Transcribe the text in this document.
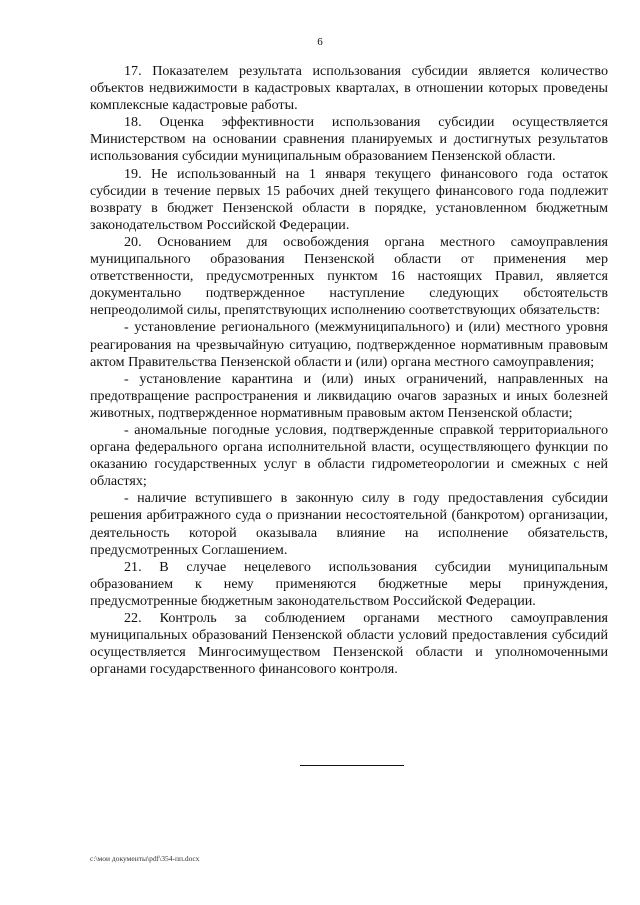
6

17. Показателем результата использования субсидии является количество объектов недвижимости в кадастровых кварталах, в отношении которых проведены комплексные кадастровые работы.

18. Оценка эффективности использования субсидии осуществляется Министерством на основании сравнения планируемых и достигнутых результатов использования субсидии муниципальным образованием Пензенской области.

19. Не использованный на 1 января текущего финансового года остаток субсидии в течение первых 15 рабочих дней текущего финансового года подлежит возврату в бюджет Пензенской области в порядке, установленном бюджетным законодательством Российской Федерации.

20. Основанием для освобождения органа местного самоуправления муниципального образования Пензенской области от применения мер ответственности, предусмотренных пунктом 16 настоящих Правил, является документально подтвержденное наступление следующих обстоятельств непреодолимой силы, препятствующих исполнению соответствующих обязательств:

- установление регионального (межмуниципального) и (или) местного уровня реагирования на чрезвычайную ситуацию, подтвержденное нормативным правовым актом Правительства Пензенской области и (или) органа местного самоуправления;

- установление карантина и (или) иных ограничений, направленных на предотвращение распространения и ликвидацию очагов заразных и иных болезней животных, подтвержденное нормативным правовым актом Пензенской области;

- аномальные погодные условия, подтвержденные справкой территориального органа федерального органа исполнительной власти, осуществляющего функции по оказанию государственных услуг в области гидрометеорологии и смежных с ней областях;

- наличие вступившего в законную силу в году предоставления субсидии решения арбитражного суда о признании несостоятельной (банкротом) организации, деятельность которой оказывала влияние на исполнение обязательств, предусмотренных Соглашением.

21. В случае нецелевого использования субсидии муниципальным образованием к нему применяются бюджетные меры принуждения, предусмотренные бюджетным законодательством Российской Федерации.

22. Контроль за соблюдением органами местного самоуправления муниципальных образований Пензенской области условий предоставления субсидий осуществляется Мингосимуществом Пензенской области и уполномоченными органами государственного финансового контроля.

c:\мои документы\pdf\354-пп.docx
